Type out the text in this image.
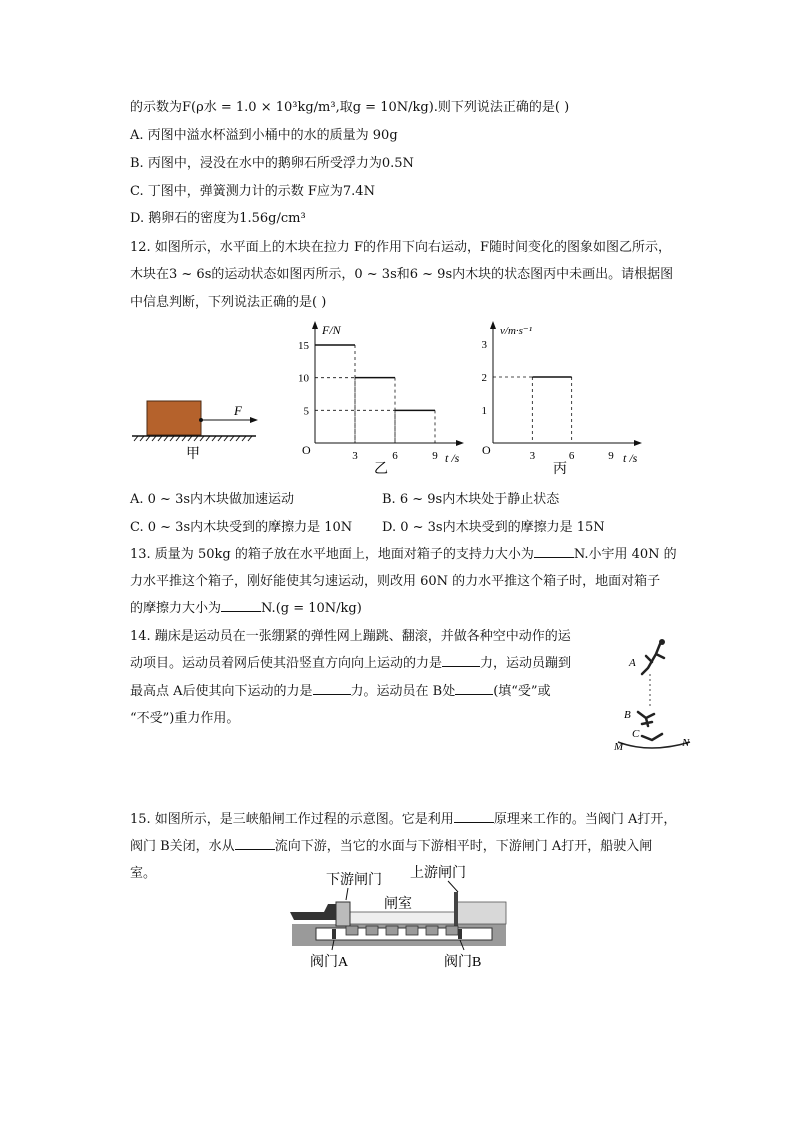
的示数为F(ρ水 = 1.0 × 10³kg/m³,取g = 10N/kg).则下列说法正确的是( )
A. 丙图中溢水杯溢到小桶中的水的质量为 90g
B. 丙图中，浸没在水中的鹅卵石所受浮力为0.5N
C. 丁图中，弹簧测力计的示数 F应为7.4N
D. 鹅卵石的密度为1.56g/cm³
12. 如图所示，水平面上的木块在拉力 F的作用下向右运动，F随时间变化的图象如图乙所示，
木块在3 ~ 6s的运动状态如图丙所示，0 ~ 3s和6 ~ 9s内木块的状态图丙中未画出。请根据图
中信息判断，下列说法正确的是( )
F
甲
F/N
t /s
O
15
10
5
3	6	9
乙
v/m·s⁻¹
t /s
O
3
2
1
3	6	9
丙
A. 0 ~ 3s内木块做加速运动	B. 6 ~ 9s内木块处于静止状态
C. 0 ~ 3s内木块受到的摩擦力是 10N D. 0 ~ 3s内木块受到的摩擦力是 15N
13. 质量为 50kg 的箱子放在水平地面上，地面对箱子的支持力大小为	N.小宇用 40N 的
力水平推这个箱子，刚好能使其匀速运动，则改用 60N 的力水平推这个箱子时，地面对箱子
的摩擦力大小为	N.(g = 10N/kg)
14. 蹦床是运动员在一张绷紧的弹性网上蹦跳、翻滚，并做各种空中动作的运
动项目。运动员着网后使其沿竖直方向向上运动的力是	力，运动员蹦到
最高点 A后使其向下运动的力是	力。运动员在 B处	(填“受”或
“不受”)重力作用。
A
B
C
M	N
15. 如图所示，是三峡船闸工作过程的示意图。它是利用	原理来工作的。当阀门 A打开，
阀门 B关闭，水从	流向下游，当它的水面与下游相平时，下游闸门 A打开，船驶入闸
室。	下游闸门 上游闸门
闸室
阀门A	阀门B
